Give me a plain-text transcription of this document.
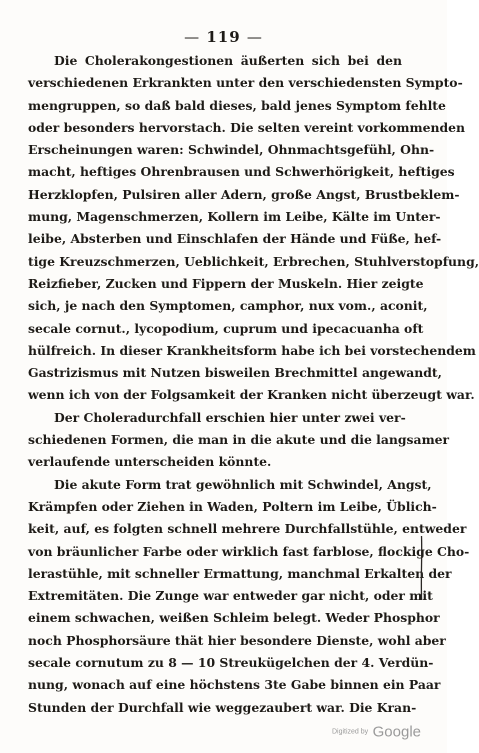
— 119 —
Die Cholerakongestionen äußerten sich bei den
verschiedenen Erkrankten unter den verschiedensten Sympto-
mengruppen, so daß bald dieses, bald jenes Symptom fehlte
oder besonders hervorstach. Die selten vereint vorkommenden
Erscheinungen waren: Schwindel, Ohnmachtsgefühl, Ohn-
macht, heftiges Ohrenbrausen und Schwerhörigkeit, heftiges
Herzklopfen, Pulsiren aller Adern, große Angst, Brustbeklem-
mung, Magenschmerzen, Kollern im Leibe, Kälte im Unter-
leibe, Absterben und Einschlafen der Hände und Füße, hef-
tige Kreuzschmerzen, Ueblichkeit, Erbrechen, Stuhlverstopfung,
Reizfieber, Zucken und Fippern der Muskeln. Hier zeigte
sich, je nach den Symptomen, camphor, nux vom., aconit,
secale cornut., lycopodium, cuprum und ipecacuanha oft
hülfreich. In dieser Krankheitsform habe ich bei vorstechendem
Gastrizismus mit Nutzen bisweilen Brechmittel angewandt,
wenn ich von der Folgsamkeit der Kranken nicht überzeugt war.
Der Choleradurchfall erschien hier unter zwei ver-
schiedenen Formen, die man in die akute und die langsamer
verlaufende unterscheiden könnte.
Die akute Form trat gewöhnlich mit Schwindel, Angst,
Krämpfen oder Ziehen in Waden, Poltern im Leibe, Üblich-
keit, auf, es folgten schnell mehrere Durchfallstühle, entweder
von bräunlicher Farbe oder wirklich fast farblose, flockige Cho-
lerastühle, mit schneller Ermattung, manchmal Erkalten der
Extremitäten. Die Zunge war entweder gar nicht, oder mit
einem schwachen, weißen Schleim belegt. Weder Phosphor
noch Phosphorsäure thät hier besondere Dienste, wohl aber
secale cornutum zu 8 — 10 Streukügelchen der 4. Verdün-
nung, wonach auf eine höchstens 3te Gabe binnen ein Paar
Stunden der Durchfall wie weggezaubert war. Die Kran-
Digitized by Google
